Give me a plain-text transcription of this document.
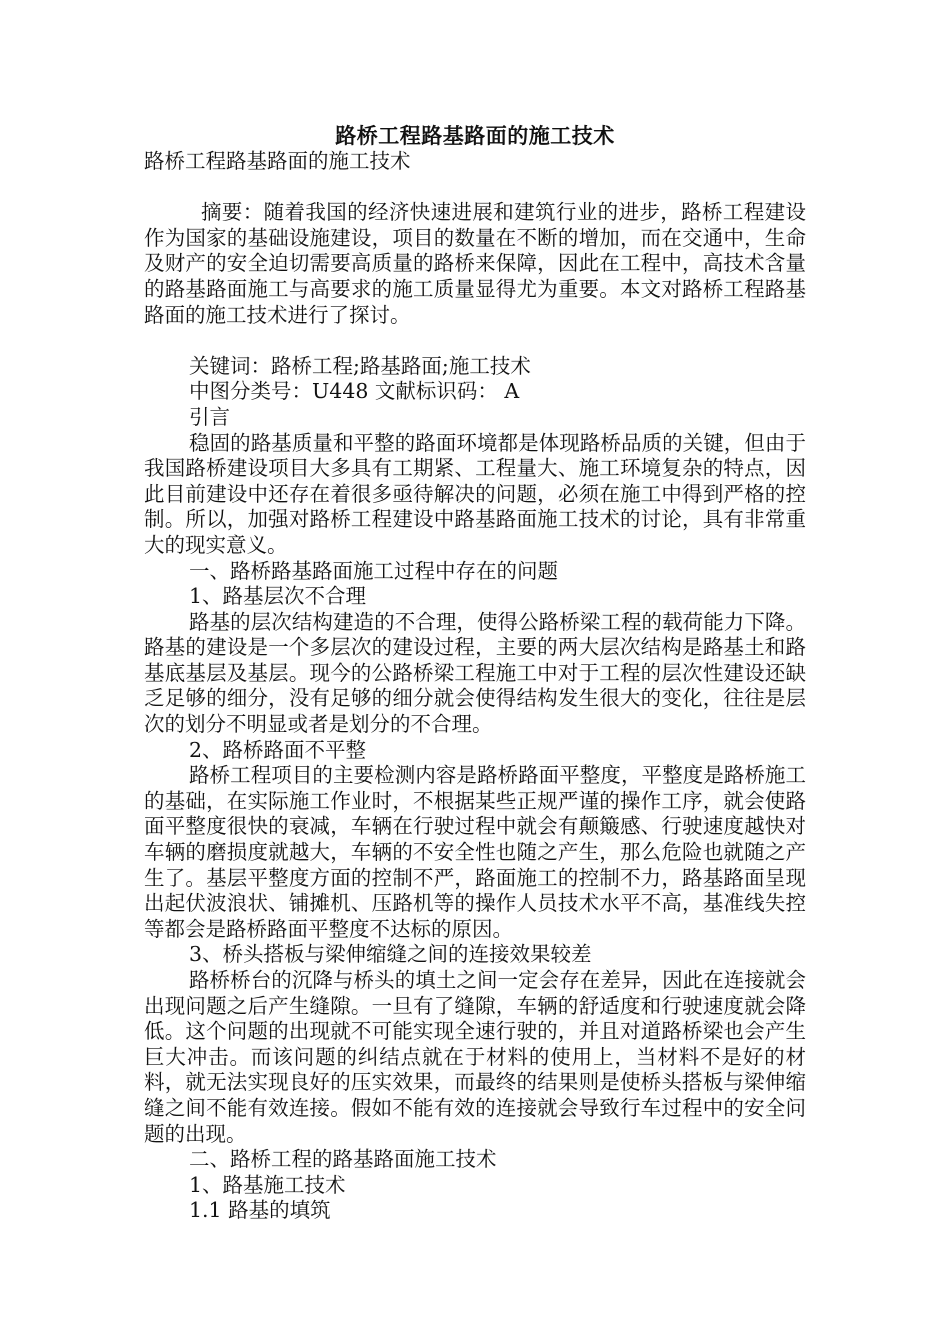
路桥工程路基路面的施工技术

路桥工程路基路面的施工技术

摘要：随着我国的经济快速进展和建筑行业的进步，路桥工程建设作为国家的基础设施建设，项目的数量在不断的增加，而在交通中，生命及财产的安全迫切需要高质量的路桥来保障，因此在工程中，高技术含量的路基路面施工与高要求的施工质量显得尤为重要。本文对路桥工程路基路面的施工技术进行了探讨。

关键词：路桥工程;路基路面;施工技术

中图分类号：U448 文献标识码： A

引言

稳固的路基质量和平整的路面环境都是体现路桥品质的关键，但由于我国路桥建设项目大多具有工期紧、工程量大、施工环境复杂的特点，因此目前建设中还存在着很多亟待解决的问题，必须在施工中得到严格的控制。所以，加强对路桥工程建设中路基路面施工技术的讨论，具有非常重大的现实意义。

一、路桥路基路面施工过程中存在的问题

1、路基层次不合理

路基的层次结构建造的不合理，使得公路桥梁工程的载荷能力下降。路基的建设是一个多层次的建设过程，主要的两大层次结构是路基土和路基底基层及基层。现今的公路桥梁工程施工中对于工程的层次性建设还缺乏足够的细分，没有足够的细分就会使得结构发生很大的变化，往往是层次的划分不明显或者是划分的不合理。

2、路桥路面不平整

路桥工程项目的主要检测内容是路桥路面平整度，平整度是路桥施工的基础，在实际施工作业时，不根据某些正规严谨的操作工序，就会使路面平整度很快的衰减，车辆在行驶过程中就会有颠簸感、行驶速度越快对车辆的磨损度就越大，车辆的不安全性也随之产生，那么危险也就随之产生了。基层平整度方面的控制不严，路面施工的控制不力，路基路面呈现出起伏波浪状、铺摊机、压路机等的操作人员技术水平不高，基准线失控等都会是路桥路面平整度不达标的原因。

3、桥头搭板与梁伸缩缝之间的连接效果较差

路桥桥台的沉降与桥头的填土之间一定会存在差异，因此在连接就会出现问题之后产生缝隙。一旦有了缝隙，车辆的舒适度和行驶速度就会降低。这个问题的出现就不可能实现全速行驶的，并且对道路桥梁也会产生巨大冲击。而该问题的纠结点就在于材料的使用上，当材料不是好的材料，就无法实现良好的压实效果，而最终的结果则是使桥头搭板与梁伸缩缝之间不能有效连接。假如不能有效的连接就会导致行车过程中的安全问题的出现。

二、路桥工程的路基路面施工技术

1、路基施工技术

1.1 路基的填筑
